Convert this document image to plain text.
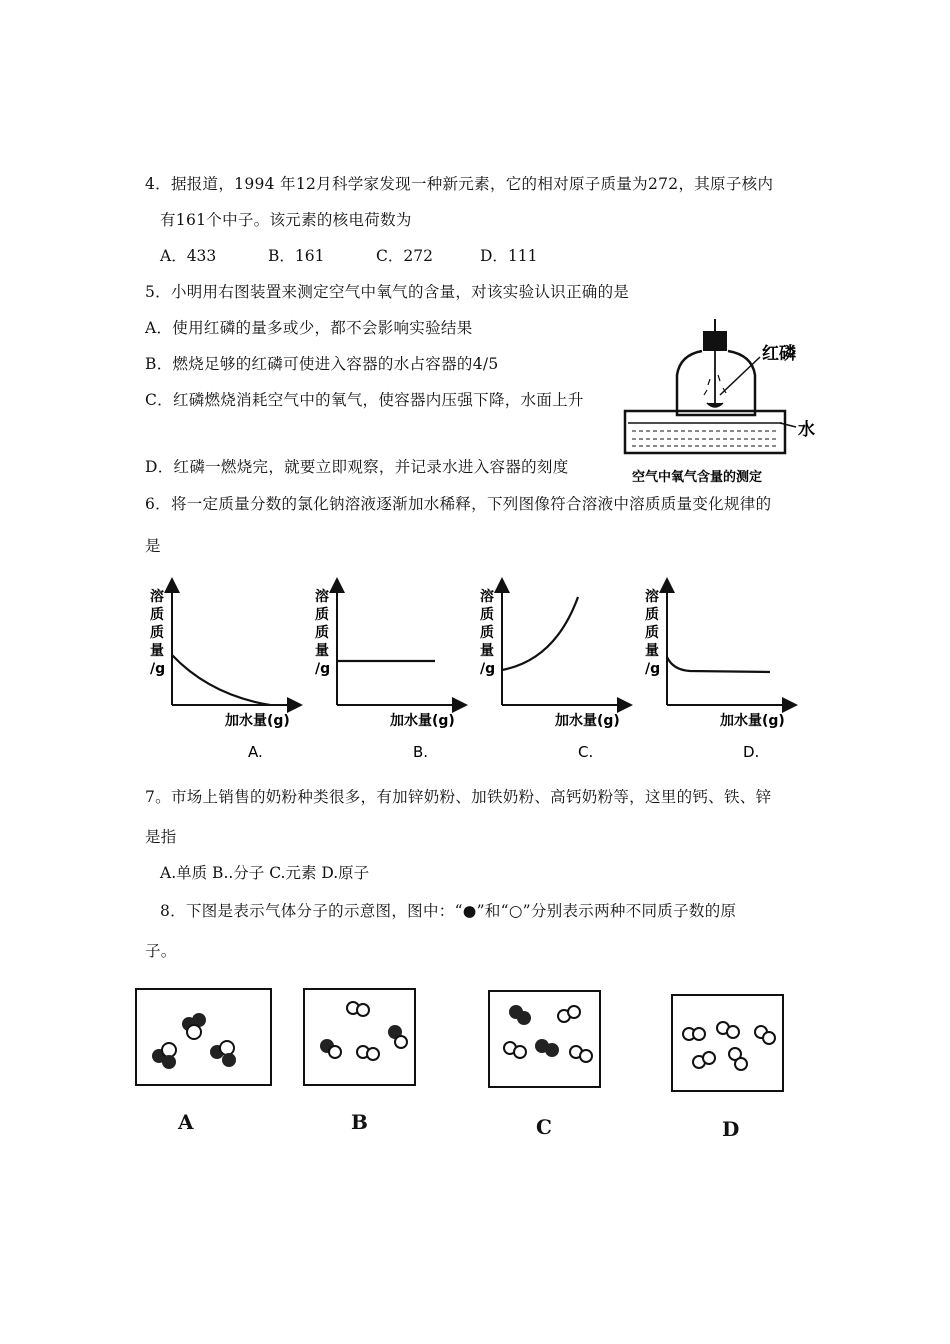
4．据报道，1994 年12月科学家发现一种新元素，它的相对原子质量为272，其原子核内
有161个中子。该元素的核电荷数为
A．433	B．161	C．272	D．111
5．小明用右图装置来测定空气中氧气的含量，对该实验认识正确的是
A．使用红磷的量多或少，都不会影响实验结果
B．燃烧足够的红磷可使进入容器的水占容器的4/5
C．红磷燃烧消耗空气中的氧气，使容器内压强下降，水面上升
D．红磷一燃烧完，就要立即观察，并记录水进入容器的刻度
红磷
水
空气中氧气含量的测定
6．将一定质量分数的氯化钠溶液逐渐加水稀释，下列图像符合溶液中溶质质量变化规律的
是
溶
质
质
量
/g
加水量(g)
A.
溶
质
质
量
/g
加水量(g)
B.
溶
质
质
量
/g
加水量(g)
C.
溶
质
质
量
/g
加水量(g)
D.
7。市场上销售的奶粉种类很多，有加锌奶粉、加铁奶粉、高钙奶粉等，这里的钙、铁、锌
是指
A.单质 B..分子 C.元素 D.原子
8．下图是表示气体分子的示意图，图中：“●”和“○”分别表示两种不同质子数的原
子。
A	B	C	D
